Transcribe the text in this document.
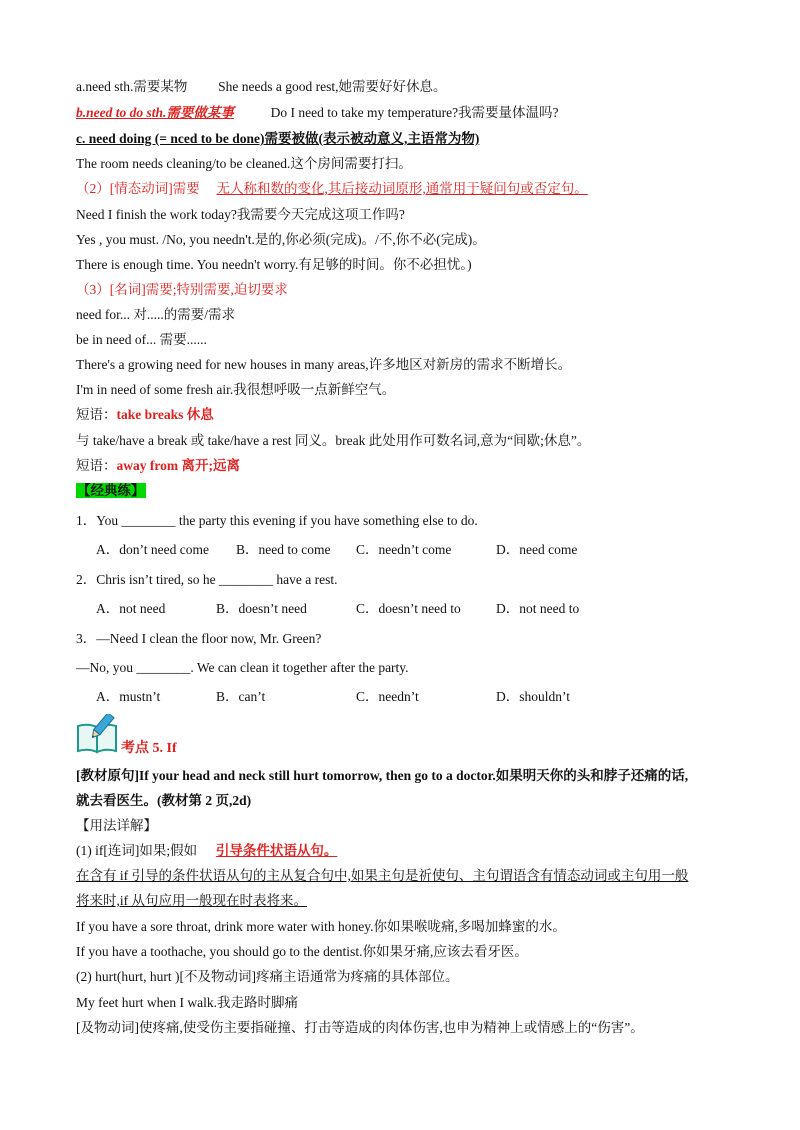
a.need sth.需要某物 She needs a good rest,她需要好好休息。
b.need to do sth.需要做某事	Do I need to take my temperature?我需要量体温吗?
c. need doing (= nced to be done)需要被做(表示被动意义,主语常为物)
The room needs cleaning/to be cleaned.这个房间需要打扫。
（2）[情态动词]需要 无人称和数的变化,其后接动词原形,通常用于疑问句或否定句。
Need I finish the work today?我需要今天完成这项工作吗?
Yes , you must. /No, you needn't.是的,你必须(完成)。/不,你不必(完成)。
There is enough time. You needn't worry.有足够的时间。你不必担忧。)
（3）[名词]需要;特别需要,迫切要求
need for... 对.....的需要/需求
be in need of... 需要......
There's a growing need for new houses in many areas,许多地区对新房的需求不断增长。
I'm in need of some fresh air.我很想呼吸一点新鲜空气。
短语：take breaks 休息
与 take/have a break 或 take/have a rest 同义。break 此处用作可数名词,意为“间歇;休息”。
短语：away from 离开;远离
【经典练】
1．You ________ the party this evening if you have something else to do.
A．don’t need come B．need to come C．needn’t come	D．need come
2．Chris isn’t tired, so he ________ have a rest.
A．not need	B．doesn’t need	C．doesn’t need to	D．not need to
3．—Need I clean the floor now, Mr. Green?
—No, you ________. We can clean it together after the party.
A．mustn’t	B．can’t	C．needn’t	D．shouldn’t
考点 5. If
[教材原句]If your head and neck still hurt tomorrow, then go to a doctor.如果明天你的头和脖子还痛的话,
就去看医生。(教材第 2 页,2d)
【用法详解】
(1) if[连词]如果;假如 引导条件状语从句。
在含有 if 引导的条件状语从句的主从复合句中,如果主句是祈使句、主句谓语含有情态动词或主句用一般
将来时,if 从句应用一般现在时表将来。
If you have a sore throat, drink more water with honey.你如果喉咙痛,多喝加蜂蜜的水。
If you have a toothache, you should go to the dentist.你如果牙痛,应该去看牙医。
(2) hurt(hurt, hurt )[不及物动词]疼痛主语通常为疼痛的具体部位。
My feet hurt when I walk.我走路时脚痛
[及物动词]使疼痛,使受伤主要指碰撞、打击等造成的肉体伤害,也申为精神上或情感上的“伤害”。
